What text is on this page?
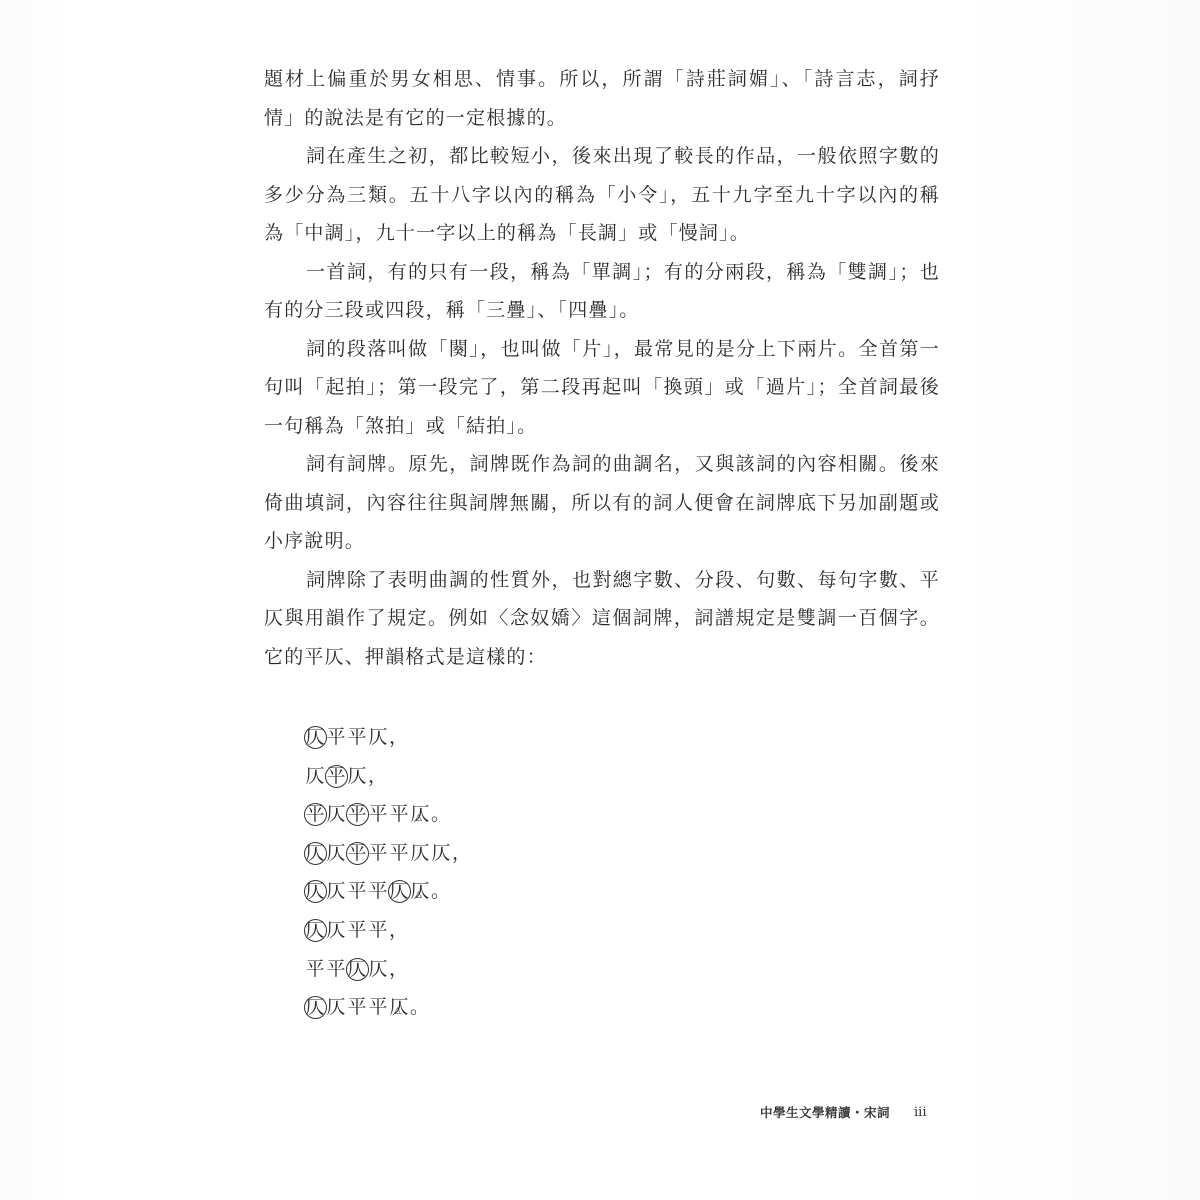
題材上偏重於男女相思、情事。所以，所謂「詩莊詞媚」、「詩言志，詞抒情」的說法是有它的一定根據的。

詞在產生之初，都比較短小，後來出現了較長的作品，一般依照字數的多少分為三類。五十八字以內的稱為「小令」，五十九字至九十字以內的稱為「中調」，九十一字以上的稱為「長調」或「慢詞」。

一首詞，有的只有一段，稱為「單調」；有的分兩段，稱為「雙調」；也有的分三段或四段，稱「三疊」、「四疊」。

詞的段落叫做「闋」，也叫做「片」，最常見的是分上下兩片。全首第一句叫「起拍」；第一段完了，第二段再起叫「換頭」或「過片」；全首詞最後一句稱為「煞拍」或「結拍」。

詞有詞牌。原先，詞牌既作為詞的曲調名，又與該詞的內容相關。後來倚曲填詞，內容往往與詞牌無關，所以有的詞人便會在詞牌底下另加副題或小序說明。

詞牌除了表明曲調的性質外，也對總字數、分段、句數、每句字數、平仄與用韻作了規定。例如〈念奴嬌〉這個詞牌，詞譜規定是雙調一百個字。它的平仄、押韻格式是這樣的：

仄平平仄，
仄平仄，
平仄平平平仄 △。
仄仄平平平仄仄，
仄仄平平仄仄 △。
仄仄平平，
平平仄仄，
仄仄平平仄 △。
中學生文學精讀・宋詞 iii
